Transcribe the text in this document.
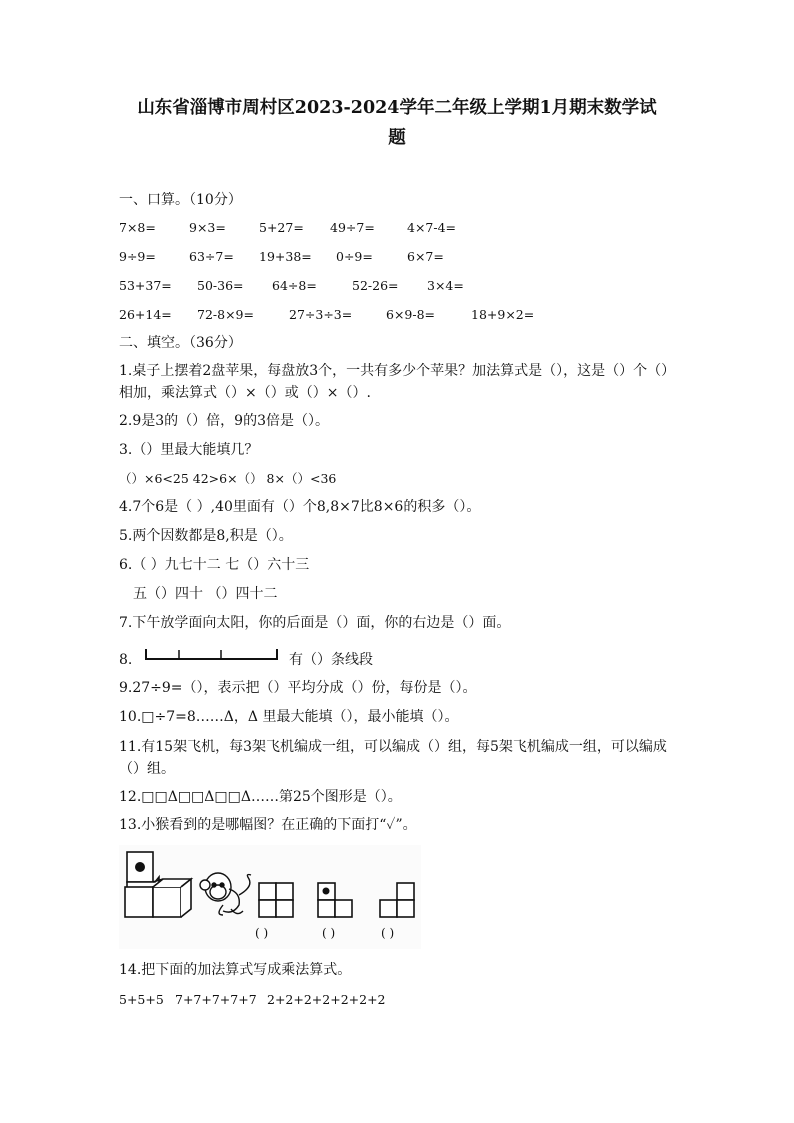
山东省淄博市周村区2023-2024学年二年级上学期1月期末数学试
题
一、口算。（10分）
7×8=	9×3=	5+27= 49÷7=	4×7-4=
9÷9=	63÷7= 19+38= 0÷9=	6×7=
53+37= 50-36= 64÷8=	52-26= 3×4=
26+14= 72-8×9=	27÷3÷3=	6×9-8=	18+9×2=
二、填空。（36分）
1.桌子上摆着2盘苹果，每盘放3个，一共有多少个苹果？加法算式是（），这是（）个（）相加，乘法算式（）×（）或（）×（）.
2.9是3的（）倍，9的3倍是（）。
3.（）里最大能填几？
（）×6<25 42>6×（） 8×（）<36
4.7个6是（ ）,40里面有（）个8,8×7比8×6的积多（）。
5.两个因数都是8,积是（）。
6.（ ）九七十二 七（）六十三
五（）四十 （）四十二
7.下午放学面向太阳，你的后面是（）面，你的右边是（）面。
8.	有（）条线段
9.27÷9=（），表示把（）平均分成（）份，每份是（）。
10.□÷7=8……Δ，Δ 里最大能填（），最小能填（）。
11.有15架飞机，每3架飞机编成一组，可以编成（）组，每5架飞机编成一组，可以编成（）组。
12.□□Δ□□Δ□□Δ……第25个图形是（）。
13.小猴看到的是哪幅图？在正确的下面打“✓”。
( )	( )	( )
14.把下面的加法算式写成乘法算式。
5+5+5 7+7+7+7+7 2+2+2+2+2+2+2
